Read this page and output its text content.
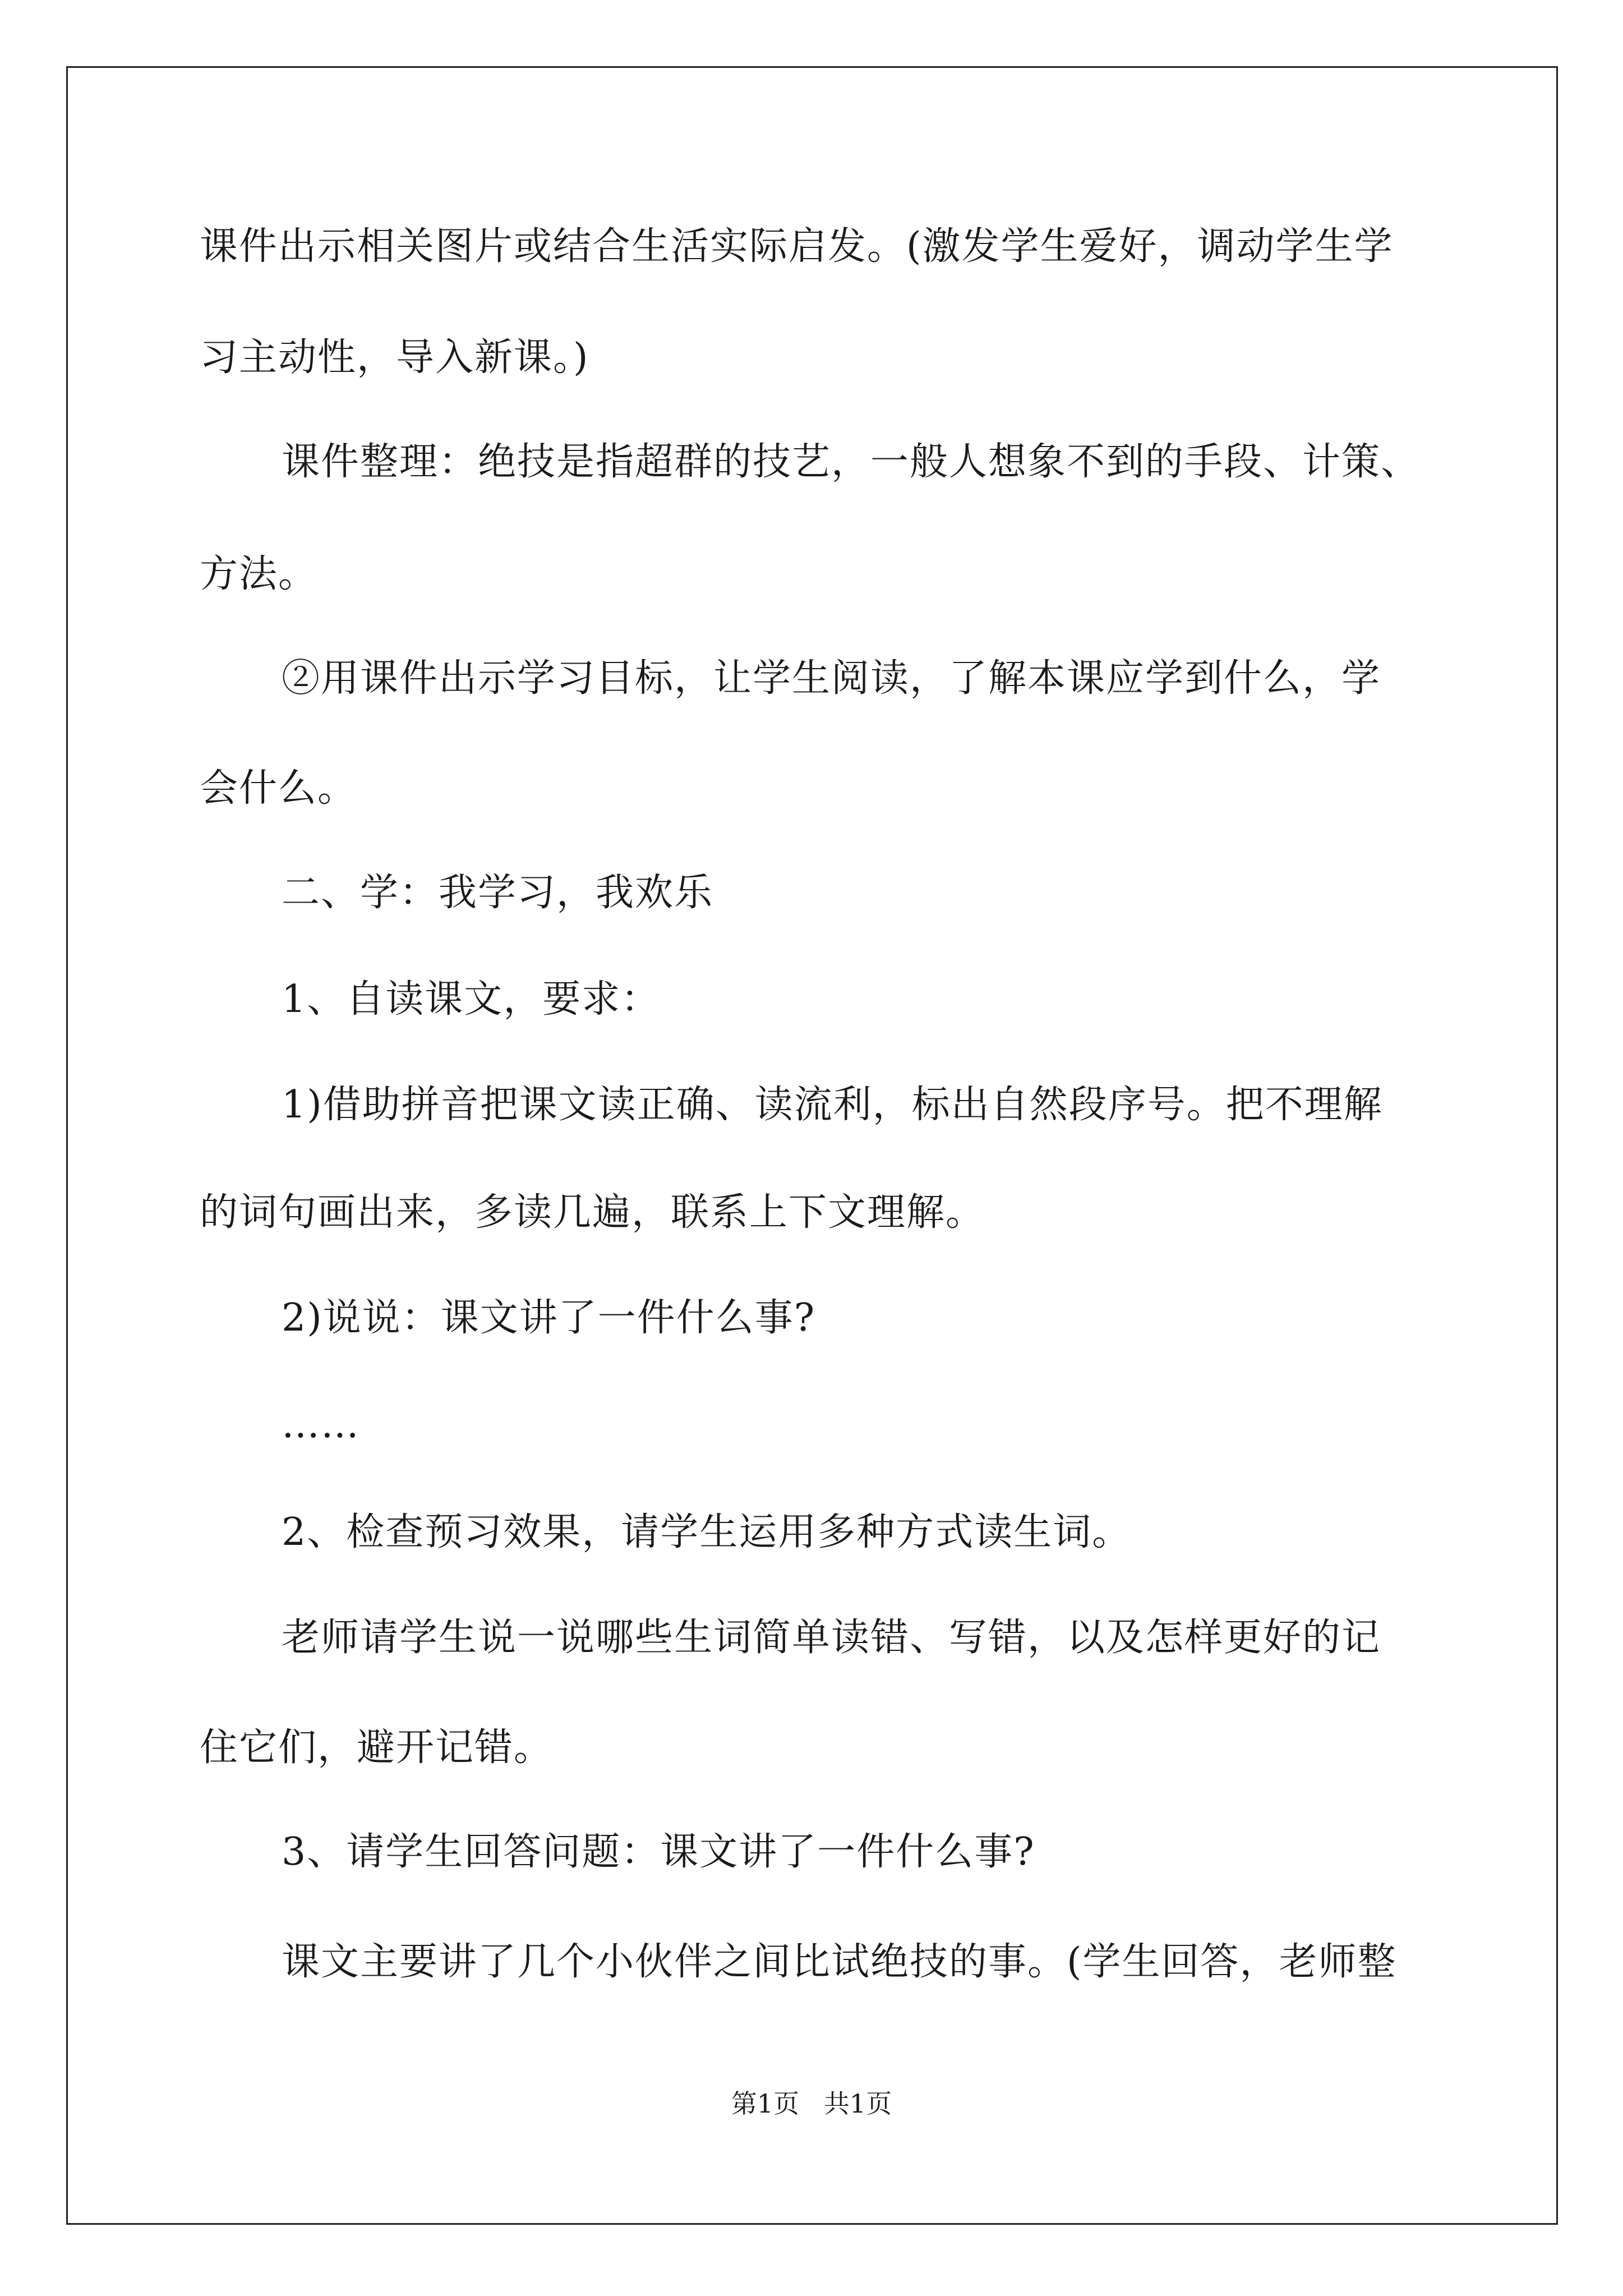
课件出示相关图片或结合生活实际启发。(激发学生爱好，调动学生学
习主动性，导入新课。)
课件整理：绝技是指超群的技艺，一般人想象不到的手段、计策、
方法。
②用课件出示学习目标，让学生阅读，了解本课应学到什么，学
会什么。
二、学：我学习，我欢乐
1、自读课文，要求：
1)借助拼音把课文读正确、读流利，标出自然段序号。把不理解
的词句画出来，多读几遍，联系上下文理解。
2)说说：课文讲了一件什么事?
……
2、检查预习效果，请学生运用多种方式读生词。
老师请学生说一说哪些生词简单读错、写错，以及怎样更好的记
住它们，避开记错。
3、请学生回答问题：课文讲了一件什么事?
课文主要讲了几个小伙伴之间比试绝技的事。(学生回答，老师整
第1页   共1页
